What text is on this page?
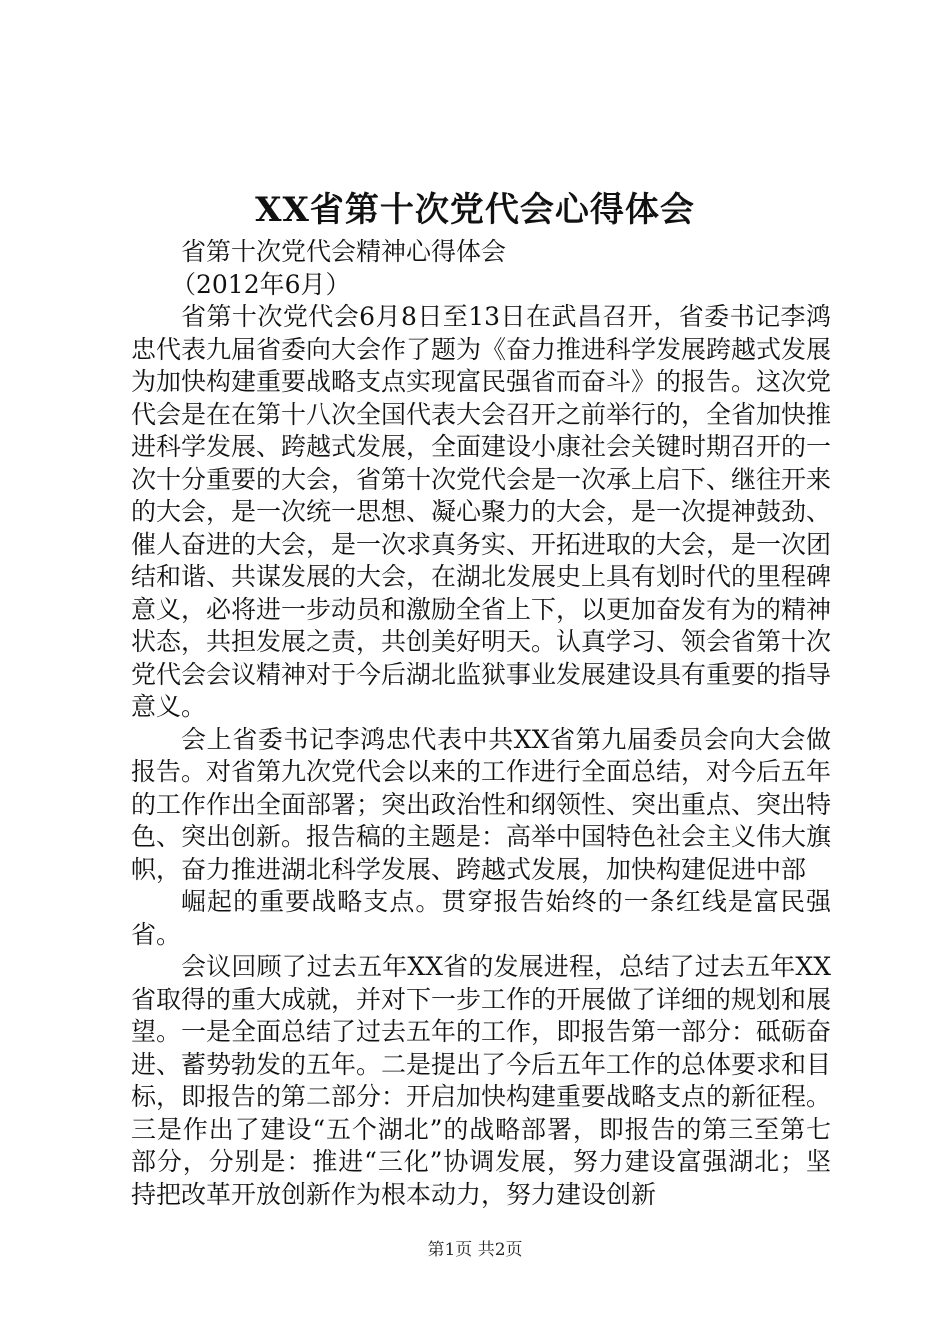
XX省第十次党代会心得体会

省第十次党代会精神心得体会

（2012年6月）

省第十次党代会6月8日至13日在武昌召开，省委书记李鸿忠代表九届省委向大会作了题为《奋力推进科学发展跨越式发展为加快构建重要战略支点实现富民强省而奋斗》的报告。这次党代会是在在第十八次全国代表大会召开之前举行的，全省加快推进科学发展、跨越式发展，全面建设小康社会关键时期召开的一次十分重要的大会，省第十次党代会是一次承上启下、继往开来的大会，是一次统一思想、凝心聚力的大会，是一次提神鼓劲、催人奋进的大会，是一次求真务实、开拓进取的大会，是一次团结和谐、共谋发展的大会，在湖北发展史上具有划时代的里程碑意义，必将进一步动员和激励全省上下，以更加奋发有为的精神状态，共担发展之责，共创美好明天。认真学习、领会省第十次党代会会议精神对于今后湖北监狱事业发展建设具有重要的指导意义。

会上省委书记李鸿忠代表中共XX省第九届委员会向大会做报告。对省第九次党代会以来的工作进行全面总结，对今后五年的工作作出全面部署；突出政治性和纲领性、突出重点、突出特色、突出创新。报告稿的主题是：高举中国特色社会主义伟大旗帜，奋力推进湖北科学发展、跨越式发展，加快构建促进中部

崛起的重要战略支点。贯穿报告始终的一条红线是富民强省。

会议回顾了过去五年XX省的发展进程，总结了过去五年XX省取得的重大成就，并对下一步工作的开展做了详细的规划和展望。一是全面总结了过去五年的工作，即报告第一部分：砥砺奋进、蓄势勃发的五年。二是提出了今后五年工作的总体要求和目标，即报告的第二部分：开启加快构建重要战略支点的新征程。三是作出了建设“五个湖北”的战略部署，即报告的第三至第七部分，分别是：推进“三化”协调发展，努力建设富强湖北；坚持把改革开放创新作为根本动力，努力建设创新

第1页 共2页
